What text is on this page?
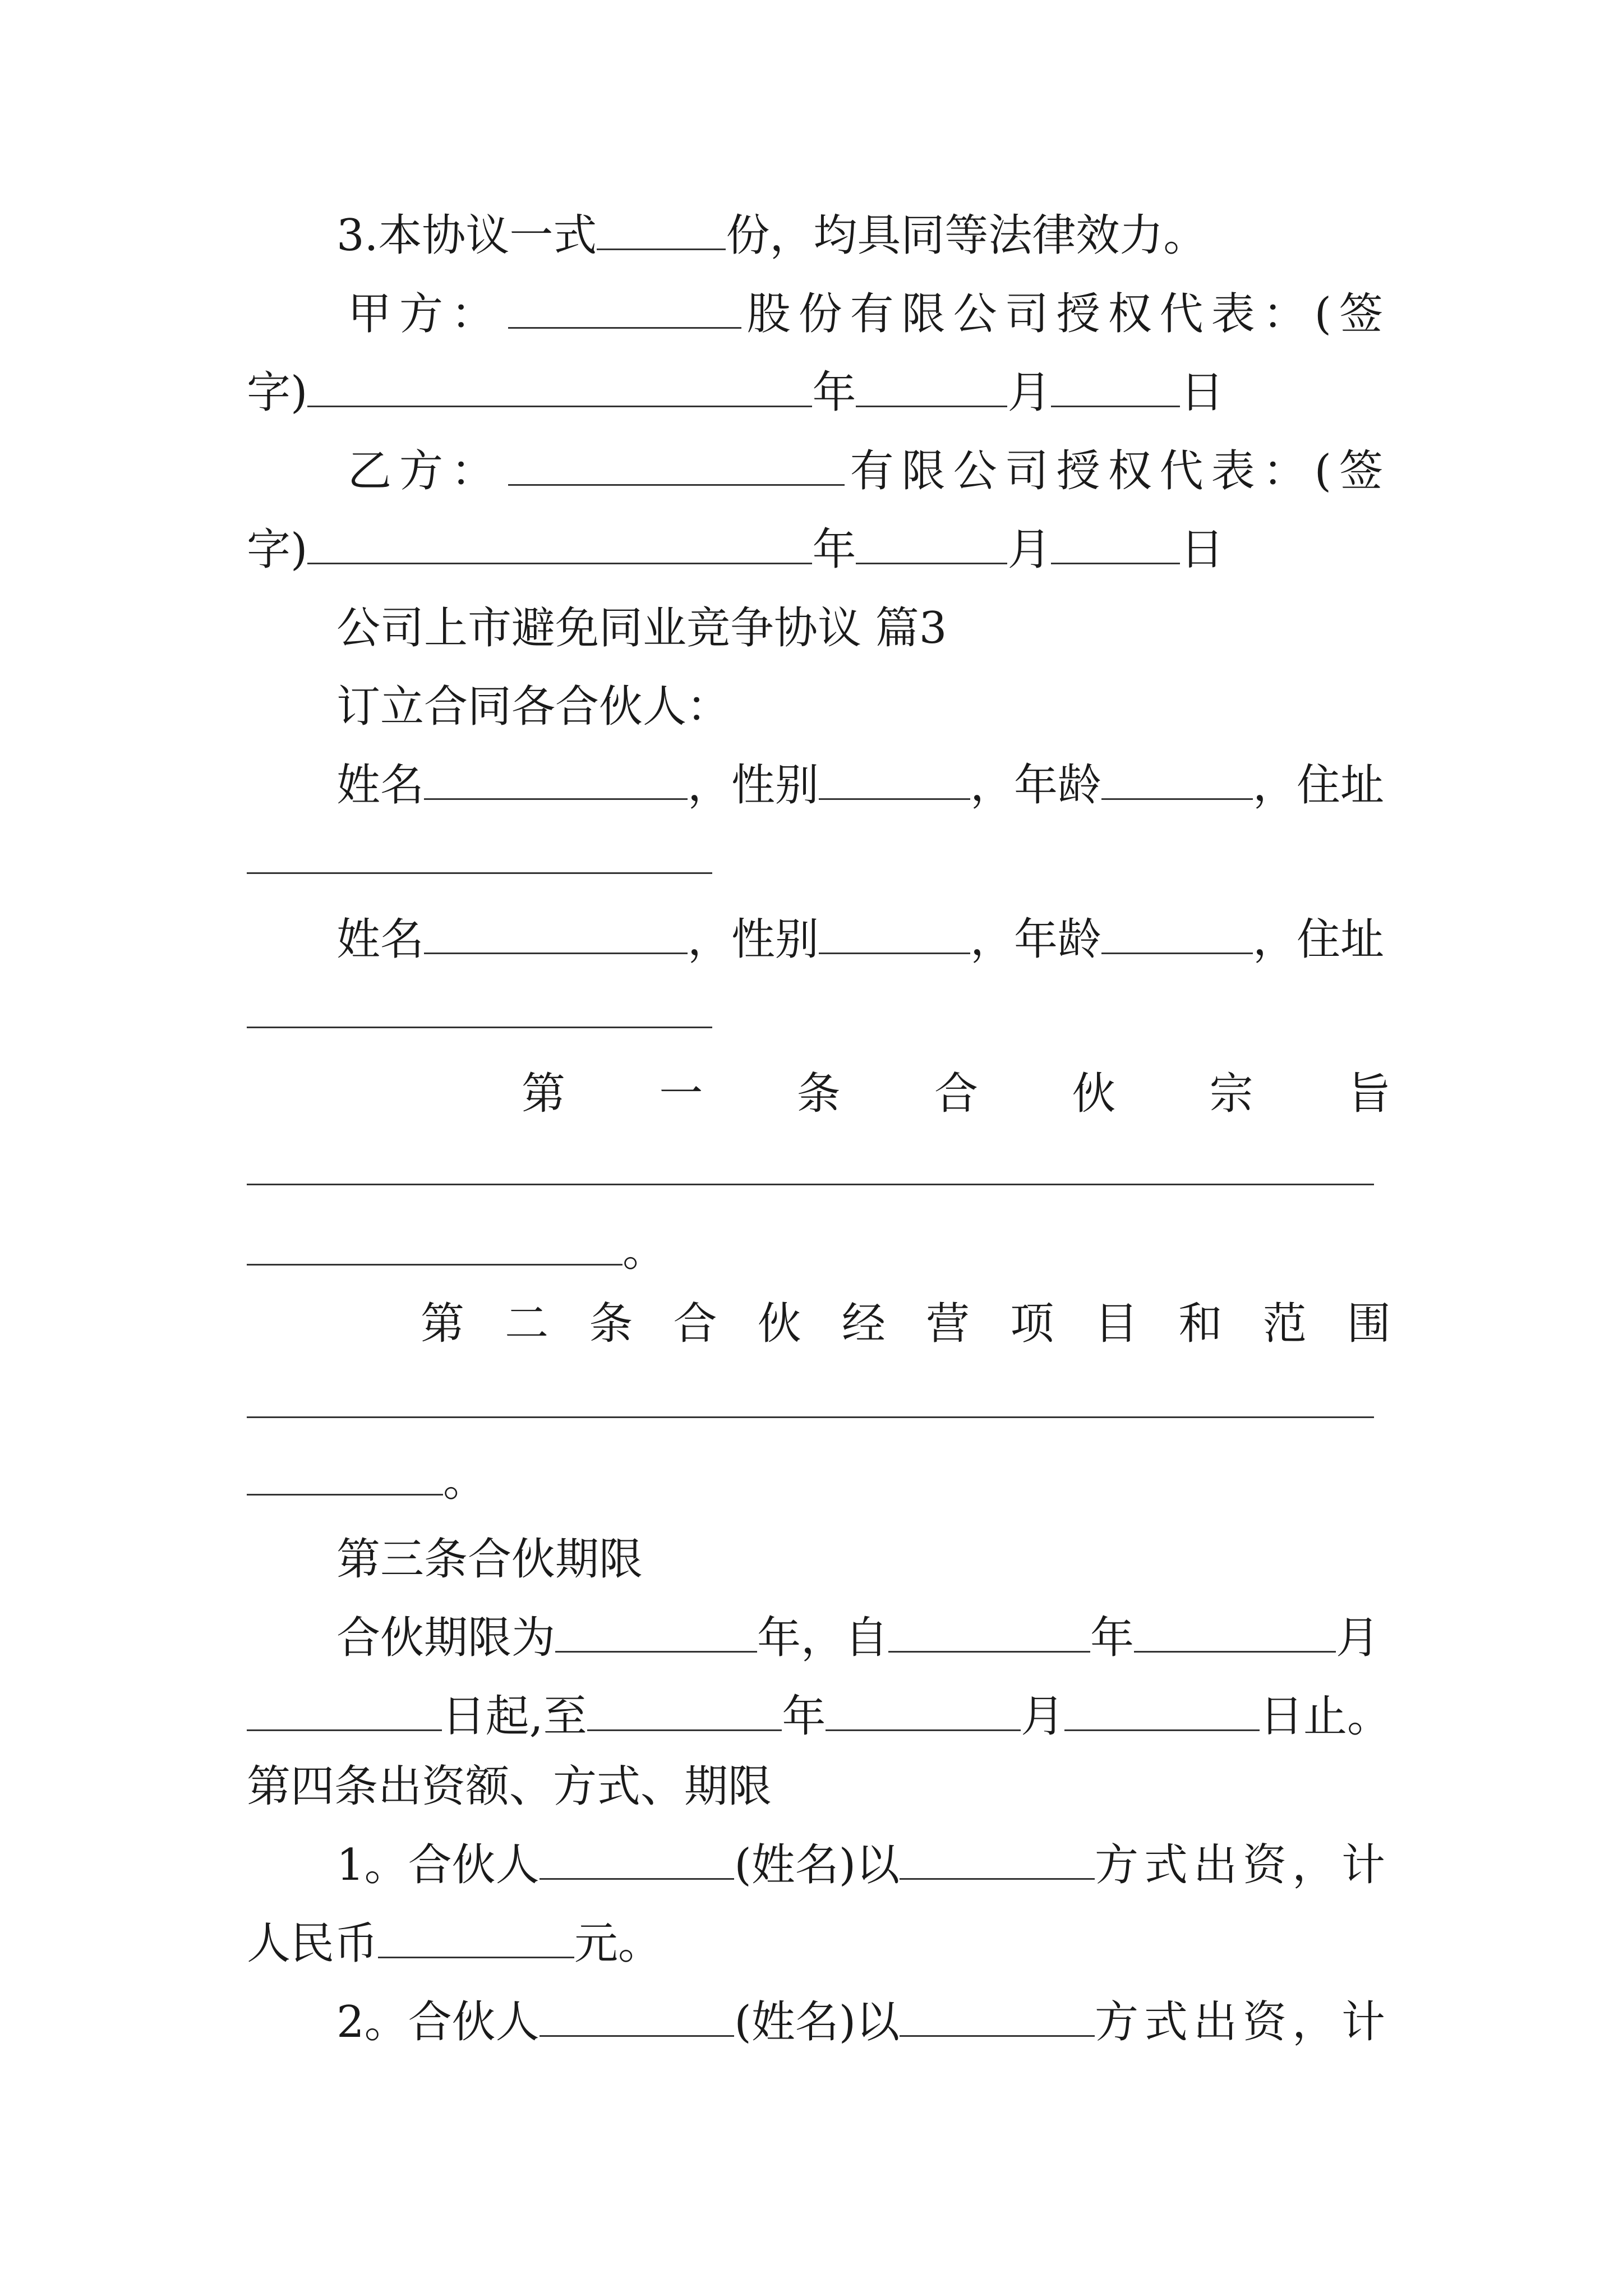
3.本协议一式	份，均具同等法律效力。
甲方：	股份有限公司授权代表：(签
字)	年	月	日
乙方：	有限公司授权代表：(签
字)	年	月	日
公司上市避免同业竞争协议 篇3
订立合同各合伙人：
姓名	，性别	，年龄	，住址
姓名	，性别	，年龄	，住址
第 一 条 合 伙 宗 旨
。
第 二 条 合 伙 经 营 项 目 和 范 围
。
第三条合伙期限
合伙期限为	年，自	年	月
日起,至	年	月	日止。
第四条出资额、方式、期限
1。合伙人	(姓名)以	方式出资，计
人民币	元。
2。合伙人	(姓名)以	方式出资，计
